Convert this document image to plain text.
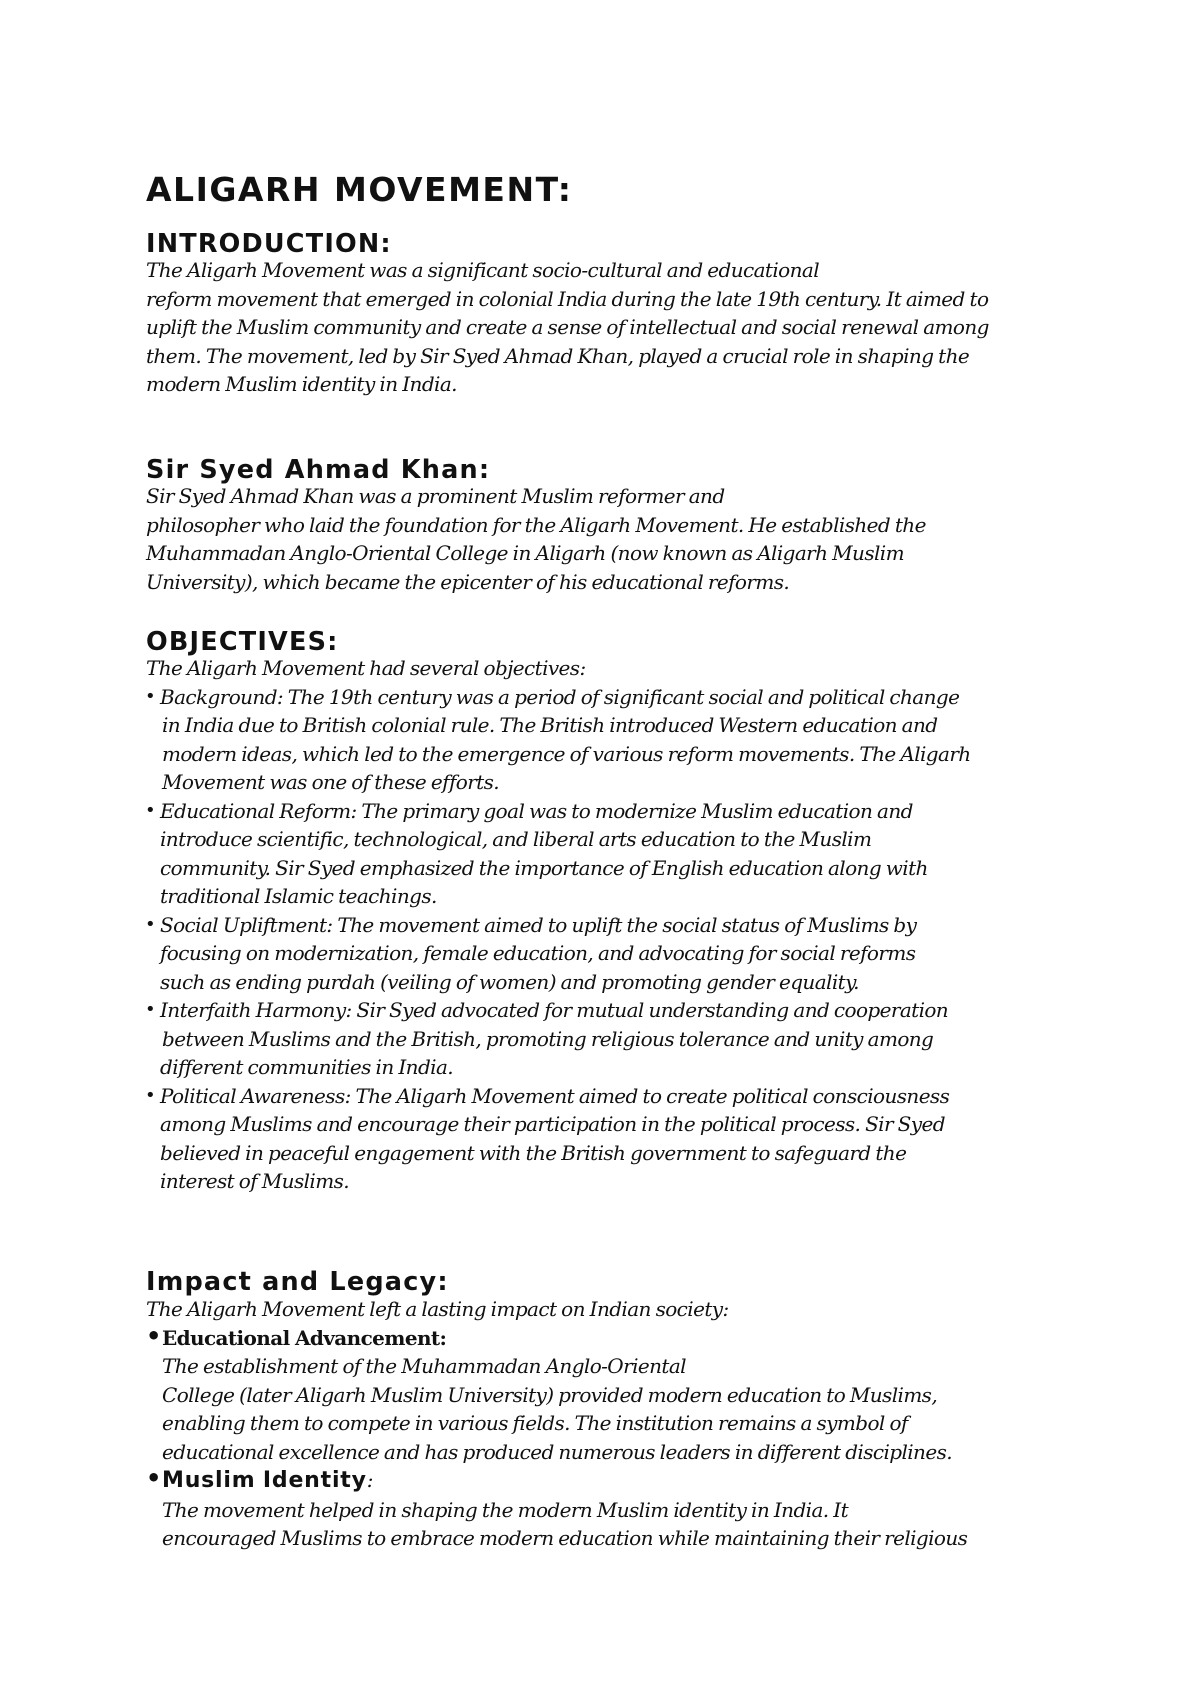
ALIGARH MOVEMENT:
INTRODUCTION:

The Aligarh Movement was a significant socio-cultural and educational
reform movement that emerged in colonial India during the late 19th century. It aimed to
uplift the Muslim community and create a sense of intellectual and social renewal among
them. The movement, led by Sir Syed Ahmad Khan, played a crucial role in shaping the
modern Muslim identity in India.

Sir Syed Ahmad Khan:

Sir Syed Ahmad Khan was a prominent Muslim reformer and
philosopher who laid the foundation for the Aligarh Movement. He established the
Muhammadan Anglo-Oriental College in Aligarh (now known as Aligarh Muslim
University), which became the epicenter of his educational reforms.

OBJECTIVES:

The Aligarh Movement had several objectives:

• Background: The 19th century was a period of significant social and political change
in India due to British colonial rule. The British introduced Western education and
modern ideas, which led to the emergence of various reform movements. The Aligarh
Movement was one of these efforts.
• Educational Reform: The primary goal was to modernize Muslim education and
introduce scientific, technological, and liberal arts education to the Muslim
community. Sir Syed emphasized the importance of English education along with
traditional Islamic teachings.
• Social Upliftment: The movement aimed to uplift the social status of Muslims by
focusing on modernization, female education, and advocating for social reforms
such as ending purdah (veiling of women) and promoting gender equality.
• Interfaith Harmony: Sir Syed advocated for mutual understanding and cooperation
between Muslims and the British, promoting religious tolerance and unity among
different communities in India.
• Political Awareness: The Aligarh Movement aimed to create political consciousness
among Muslims and encourage their participation in the political process. Sir Syed
believed in peaceful engagement with the British government to safeguard the
interest of Muslims.
Impact and Legacy:

The Aligarh Movement left a lasting impact on Indian society:

• Educational Advancement:
The establishment of the Muhammadan Anglo-Oriental
College (later Aligarh Muslim University) provided modern education to Muslims,
enabling them to compete in various fields. The institution remains a symbol of
educational excellence and has produced numerous leaders in different disciplines.
• Muslim Identity:
The movement helped in shaping the modern Muslim identity in India. It
encouraged Muslims to embrace modern education while maintaining their religious
